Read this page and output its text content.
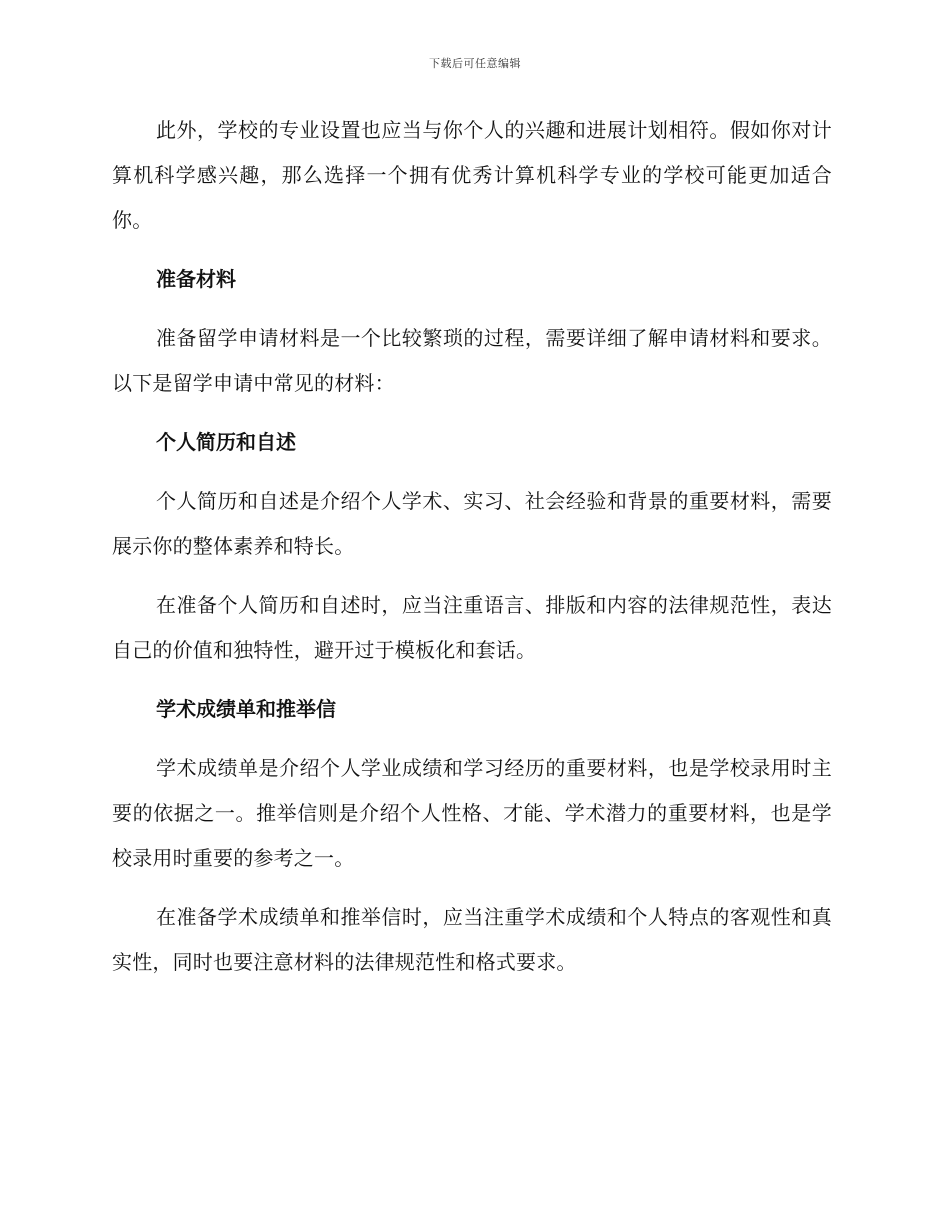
下载后可任意编辑

此外，学校的专业设置也应当与你个人的兴趣和进展计划相符。假如你对计算机科学感兴趣，那么选择一个拥有优秀计算机科学专业的学校可能更加适合你。

准备材料

准备留学申请材料是一个比较繁琐的过程，需要详细了解申请材料和要求。以下是留学申请中常见的材料：

个人简历和自述

个人简历和自述是介绍个人学术、实习、社会经验和背景的重要材料，需要展示你的整体素养和特长。

在准备个人简历和自述时，应当注重语言、排版和内容的法律规范性，表达自己的价值和独特性，避开过于模板化和套话。

学术成绩单和推举信

学术成绩单是介绍个人学业成绩和学习经历的重要材料，也是学校录用时主要的依据之一。推举信则是介绍个人性格、才能、学术潜力的重要材料，也是学校录用时重要的参考之一。

在准备学术成绩单和推举信时，应当注重学术成绩和个人特点的客观性和真实性，同时也要注意材料的法律规范性和格式要求。
